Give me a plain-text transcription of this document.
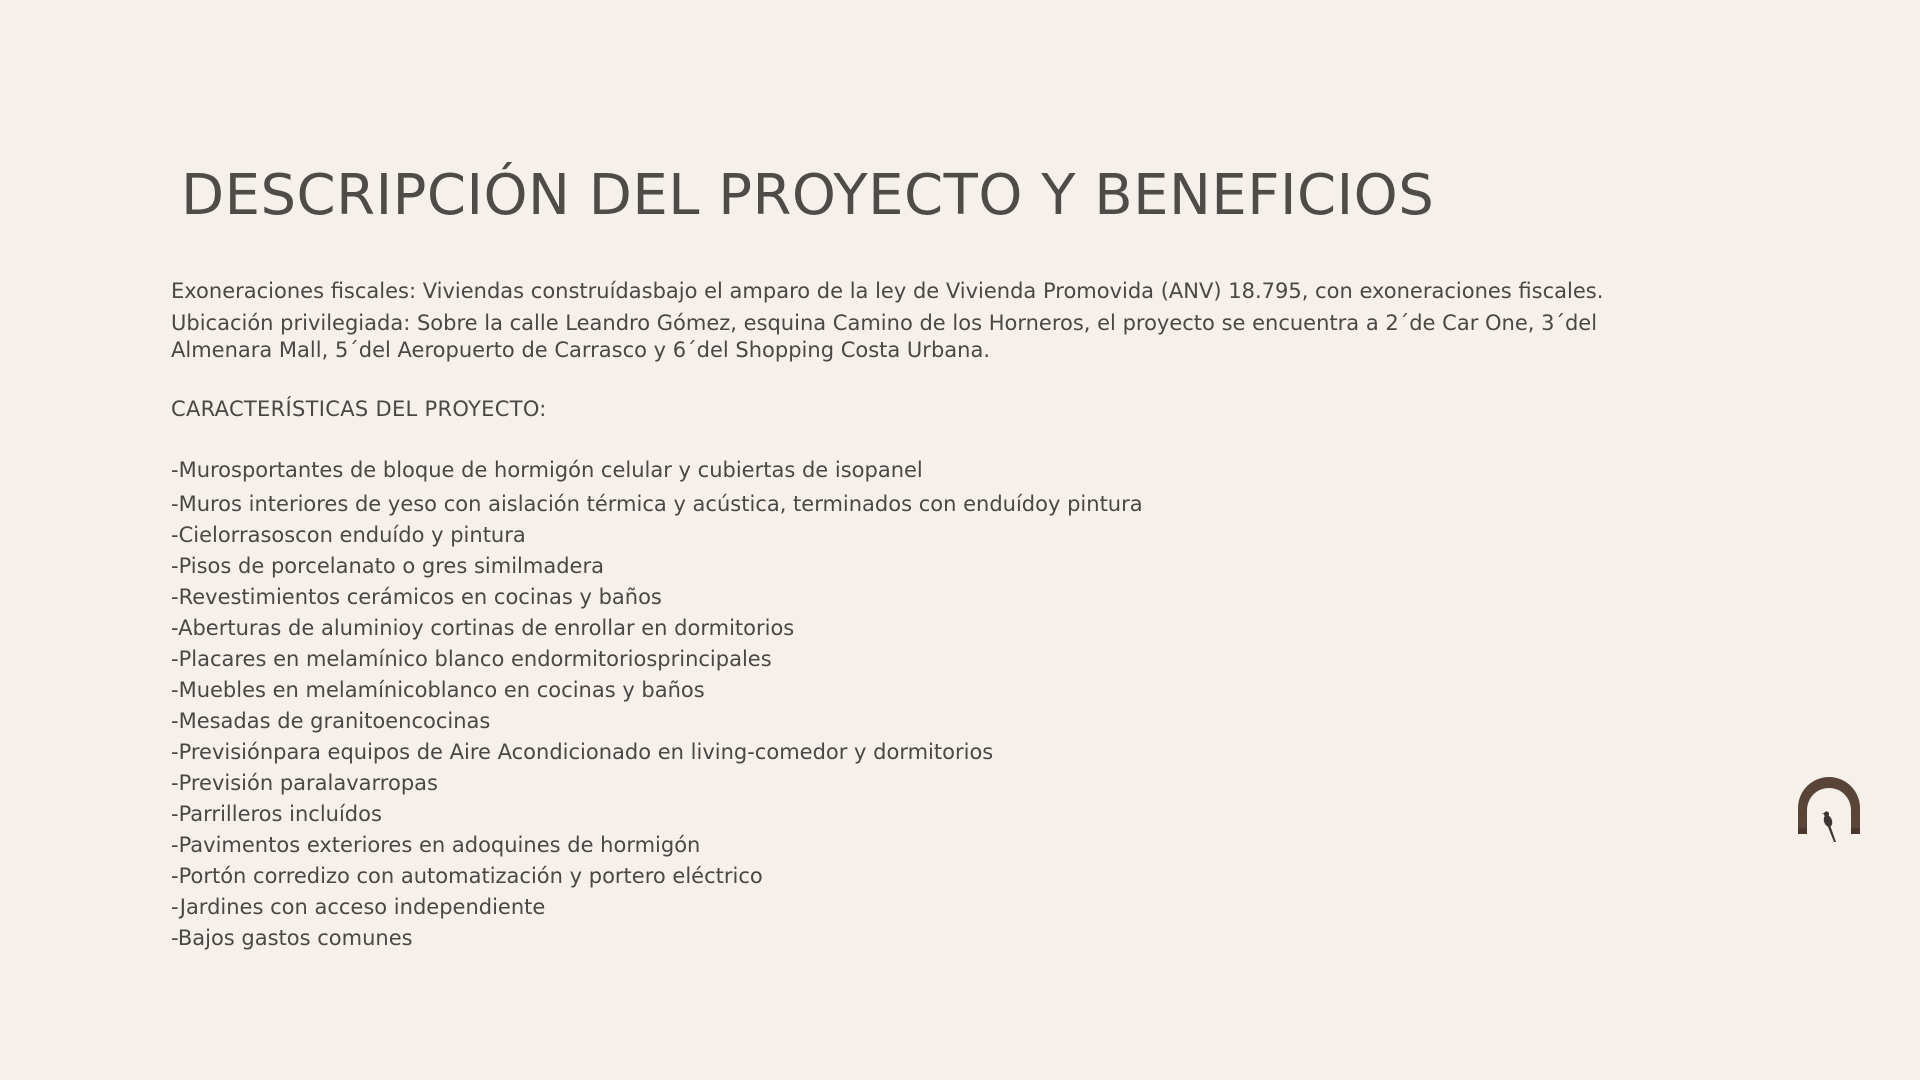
DESCRIPCIÓN DEL PROYECTO Y BENEFICIOS

Exoneraciones fiscales: Viviendas construídasbajo el amparo de la ley de Vivienda Promovida (ANV) 18.795, con exoneraciones fiscales.

Ubicación privilegiada: Sobre la calle Leandro Gómez, esquina Camino de los Horneros, el proyecto se encuentra a 2´de Car One, 3´del

Almenara Mall, 5´del Aeropuerto de Carrasco y 6´del Shopping Costa Urbana.

CARACTERÍSTICAS DEL PROYECTO:

-Murosportantes de bloque de hormigón celular y cubiertas de isopanel
-Muros interiores de yeso con aislación térmica y acústica, terminados con enduídoy pintura
-Cielorrasoscon enduído y pintura
-Pisos de porcelanato o gres similmadera
-Revestimientos cerámicos en cocinas y baños
-Aberturas de aluminioy cortinas de enrollar en dormitorios
-Placares en melamínico blanco endormitoriosprincipales
-Muebles en melamínicoblanco en cocinas y baños
-Mesadas de granitoencocinas
-Previsiónpara equipos de Aire Acondicionado en living-comedor y dormitorios
-Previsión paralavarropas
-Parrilleros incluídos
-Pavimentos exteriores en adoquines de hormigón
-Portón corredizo con automatización y portero eléctrico
-Jardines con acceso independiente
-Bajos gastos comunes
